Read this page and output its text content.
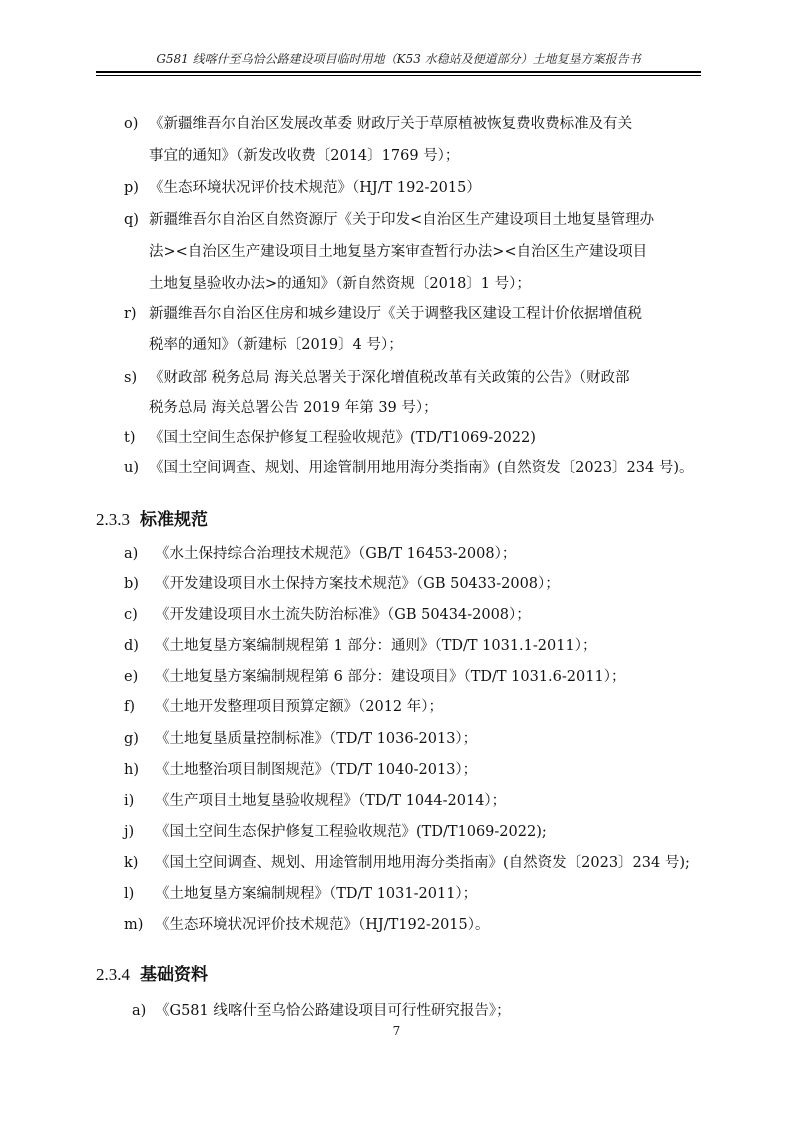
G581 线喀什至乌恰公路建设项目临时用地（K53 水稳站及便道部分）土地复垦方案报告书
o) 《新疆维吾尔自治区发展改革委 财政厅关于草原植被恢复费收费标准及有关
事宜的通知》（新发改收费〔2014〕1769 号）；
p) 《生态环境状况评价技术规范》（HJ/T 192-2015）
q) 新疆维吾尔自治区自然资源厅《关于印发<自治区生产建设项目土地复垦管理办
法><自治区生产建设项目土地复垦方案审查暂行办法><自治区生产建设项目
土地复垦验收办法>的通知》（新自然资规〔2018〕1 号）；
r) 新疆维吾尔自治区住房和城乡建设厅《关于调整我区建设工程计价依据增值税
税率的通知》（新建标〔2019〕4 号）；
s) 《财政部 税务总局 海关总署关于深化增值税改革有关政策的公告》（财政部
税务总局 海关总署公告 2019 年第 39 号）；
t) 《国土空间生态保护修复工程验收规范》(TD/T1069-2022)
u) 《国土空间调查、规划、用途管制用地用海分类指南》(自然资发〔2023〕234 号)。
2.3.3 标准规范
a) 《水土保持综合治理技术规范》（GB/T 16453-2008）；
b) 《开发建设项目水土保持方案技术规范》（GB 50433-2008）；
c) 《开发建设项目水土流失防治标准》（GB 50434-2008）；
d) 《土地复垦方案编制规程第 1 部分：通则》（TD/T 1031.1-2011）；
e) 《土地复垦方案编制规程第 6 部分：建设项目》（TD/T 1031.6-2011）；
f) 《土地开发整理项目预算定额》（2012 年）；
g) 《土地复垦质量控制标准》（TD/T 1036-2013）；
h) 《土地整治项目制图规范》（TD/T 1040-2013）；
i) 《生产项目土地复垦验收规程》（TD/T 1044-2014）；
j) 《国土空间生态保护修复工程验收规范》(TD/T1069-2022);
k) 《国土空间调查、规划、用途管制用地用海分类指南》(自然资发〔2023〕234 号);
l) 《土地复垦方案编制规程》（TD/T 1031-2011）；
m) 《生态环境状况评价技术规范》（HJ/T192-2015）。
2.3.4 基础资料
a) 《G581 线喀什至乌恰公路建设项目可行性研究报告》；
7
